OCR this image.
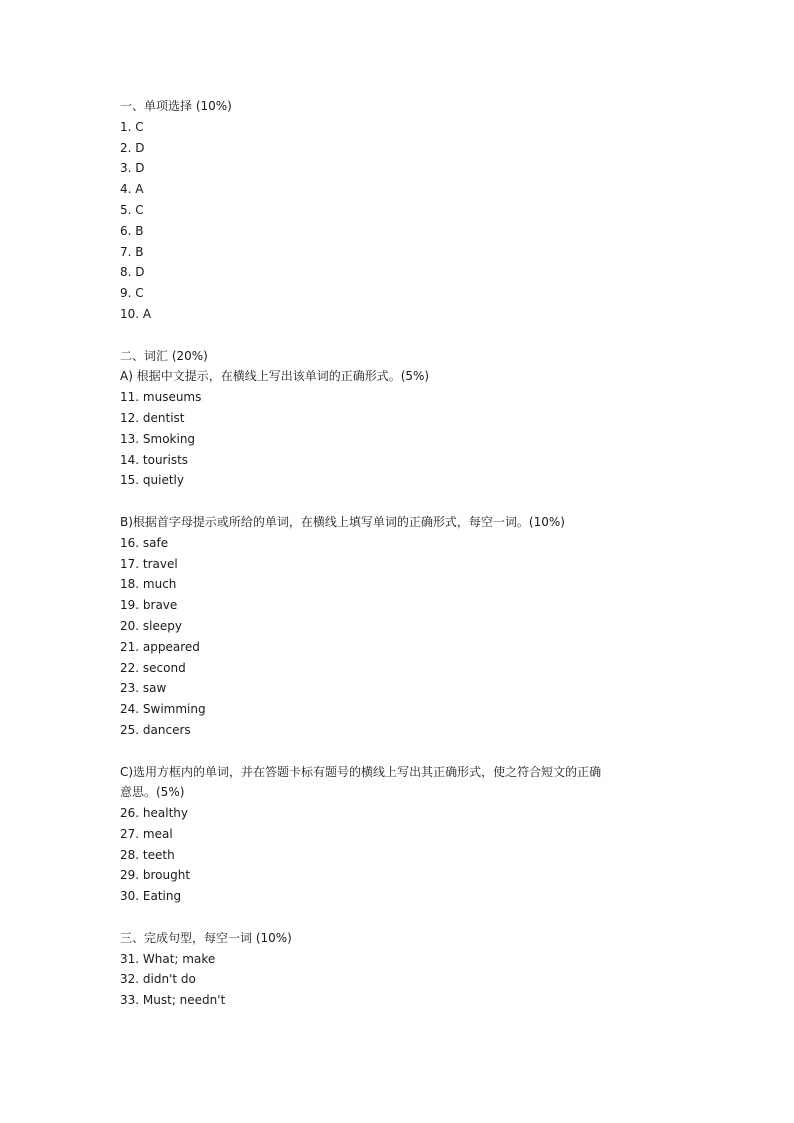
一、单项选择 (10%)
1. C
2. D
3. D
4. A
5. C
6. B
7. B
8. D
9. C
10. A
二、词汇 (20%)
A) 根据中文提示，在横线上写出该单词的正确形式。(5%)
11. museums
12. dentist
13. Smoking
14. tourists
15. quietly
B)根据首字母提示或所给的单词，在横线上填写单词的正确形式，每空一词。(10%)
16. safe
17. travel
18. much
19. brave
20. sleepy
21. appeared
22. second
23. saw
24. Swimming
25. dancers
C)选用方框内的单词，并在答题卡标有题号的横线上写出其正确形式，使之符合短文的正确
意思。(5%)
26. healthy
27. meal
28. teeth
29. brought
30. Eating
三、完成句型，每空一词 (10%)
31. What; make
32. didn't do
33. Must; needn't
